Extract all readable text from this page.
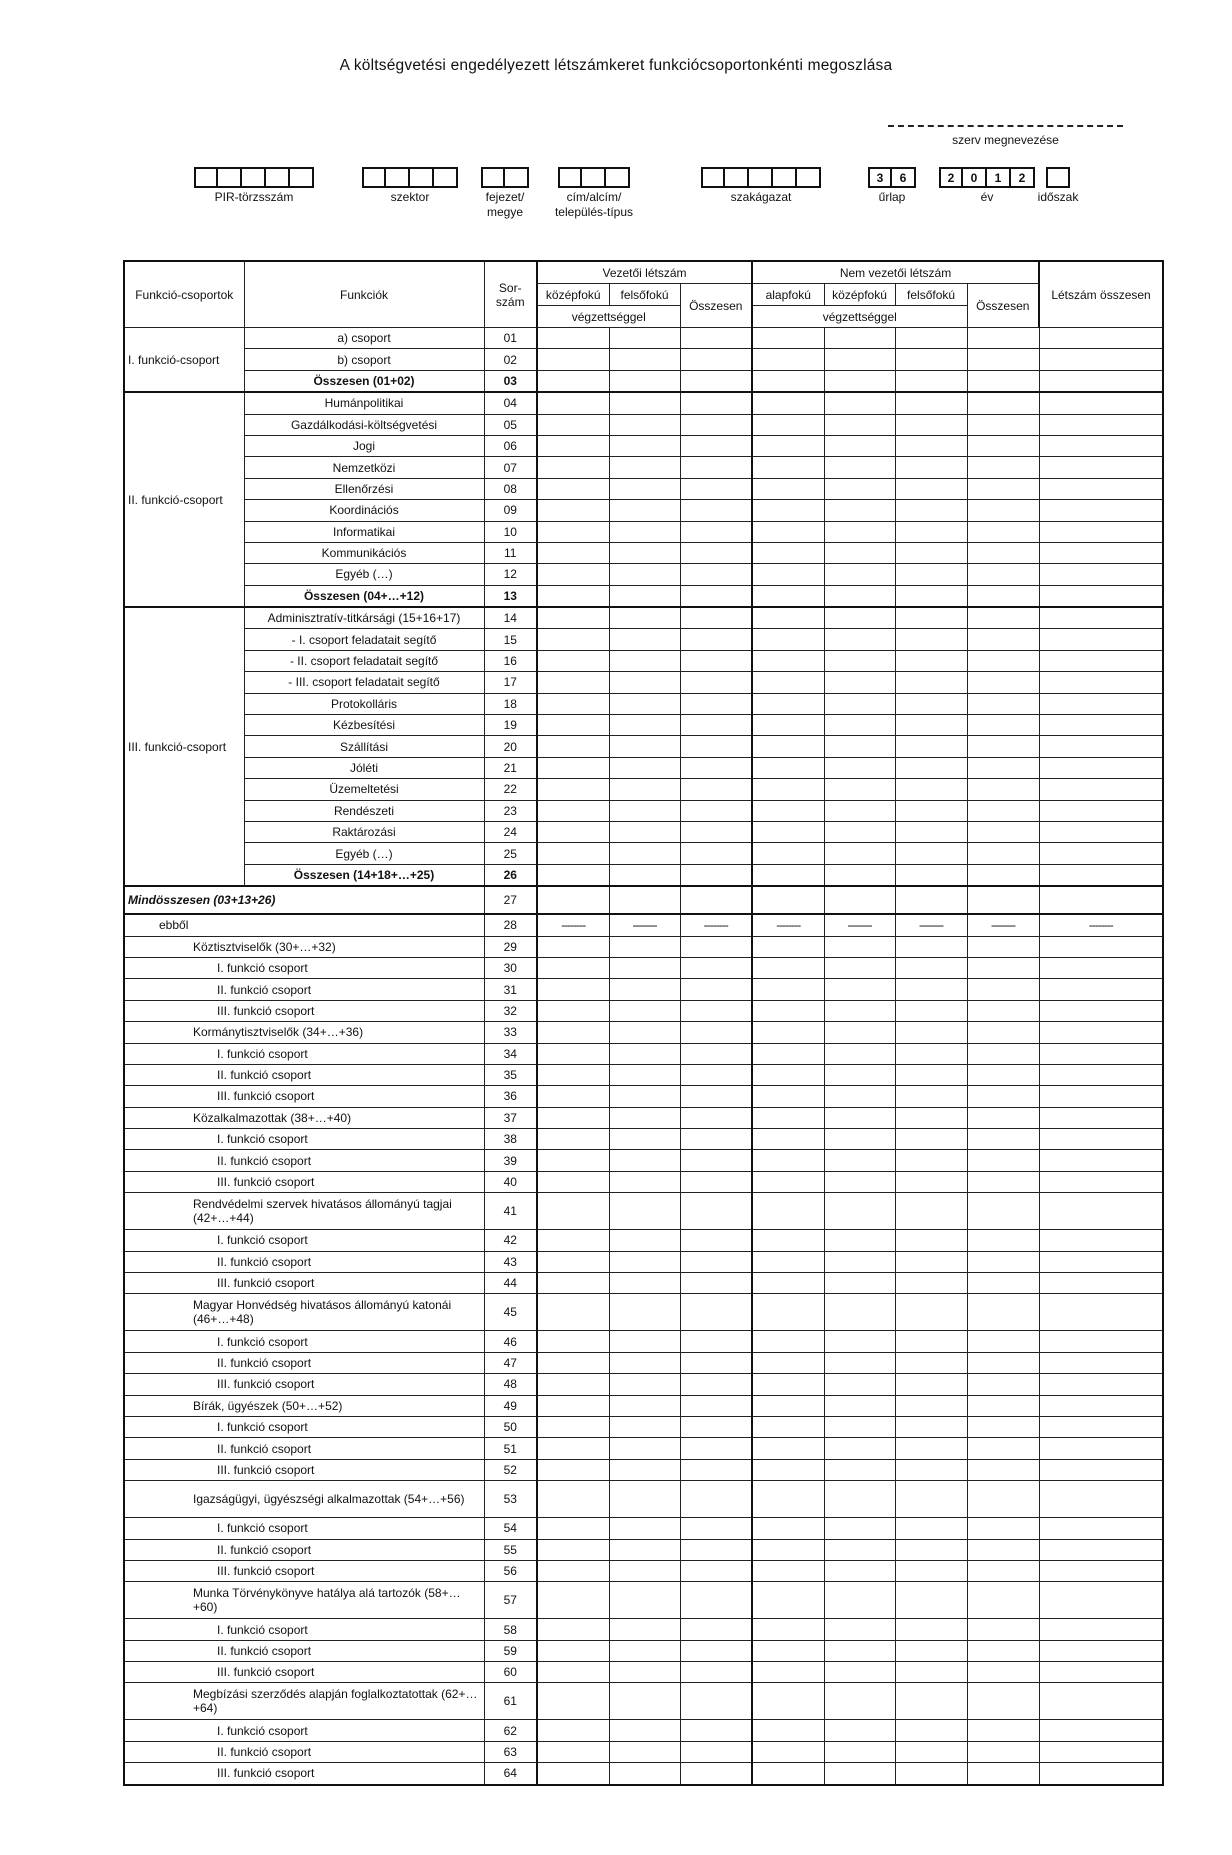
A költségvetési engedélyezett létszámkeret funkciócsoportonkénti megoszlása
szerv megnevezése
PIR-törzsszám	szektor	fejezet/ megye
cím/alcím/ település-típus
szakágazat
3	6
űrlap
2	0	1	2
év	időszak
Funkció-csoportok	Funkciók	Sor-szám	Vezetői létszám			Nem vezetői létszám				Létszám összesen	
			középfokú	felsőfokú	Összesen	alapfokú	középfokú	felsőfokú	Összesen		
			végzettséggel			végzettséggel					
I. funkció-csoport	a) csoport	01									
	b) csoport	02									
	Összesen (01+02)	03									
II. funkció-csoport	Humánpolitikai	04									
	Gazdálkodási-költségvetési	05									
	Jogi	06									
	Nemzetközi	07									
	Ellenőrzési	08									
	Koordinációs	09									
	Informatikai	10									
	Kommunikációs	11									
	Egyéb (…)	12									
	Összesen (04+…+12)	13									
III. funkció-csoport	Adminisztratív-titkársági (15+16+17)	14									
	- I. csoport feladatait segítő	15									
	- II. csoport feladatait segítő	16									
	- III. csoport feladatait segítő	17									
	Protokolláris	18									
	Kézbesítési	19									
	Szállítási	20									
	Jóléti	21									
	Üzemeltetési	22									
	Rendészeti	23									
	Raktározási	24									
	Egyéb (…)	25									
	Összesen (14+18+…+25)	26									
Mindösszesen (03+13+26)		27									
ebből		28	--------	--------	--------	--------	--------	--------	--------	--------	
Köztisztviselők (30+…+32)		29									
I. funkció csoport		30									
II. funkció csoport		31									
III. funkció csoport		32									
Kormánytisztviselők (34+…+36)		33									
I. funkció csoport		34									
II. funkció csoport		35									
III. funkció csoport		36									
Közalkalmazottak (38+…+40)		37									
I. funkció csoport		38									
II. funkció csoport		39									
III. funkció csoport		40									
Rendvédelmi szervek hivatásos állományú tagjai (42+…+44)		41									
I. funkció csoport		42									
II. funkció csoport		43									
III. funkció csoport		44									
Magyar Honvédség hivatásos állományú katonái (46+…+48)		45									
I. funkció csoport		46									
II. funkció csoport		47									
III. funkció csoport		48									
Bírák, ügyészek (50+…+52)		49									
I. funkció csoport		50									
II. funkció csoport		51									
III. funkció csoport		52									
Igazságügyi, ügyészségi alkalmazottak (54+…+56)		53									
I. funkció csoport		54									
II. funkció csoport		55									
III. funkció csoport		56									
Munka Törvénykönyve hatálya alá tartozók (58+…+60)		57									
I. funkció csoport		58									
II. funkció csoport		59									
III. funkció csoport		60									
Megbízási szerződés alapján foglalkoztatottak (62+…+64)		61									
I. funkció csoport		62									
II. funkció csoport		63									
III. funkció csoport		64									
